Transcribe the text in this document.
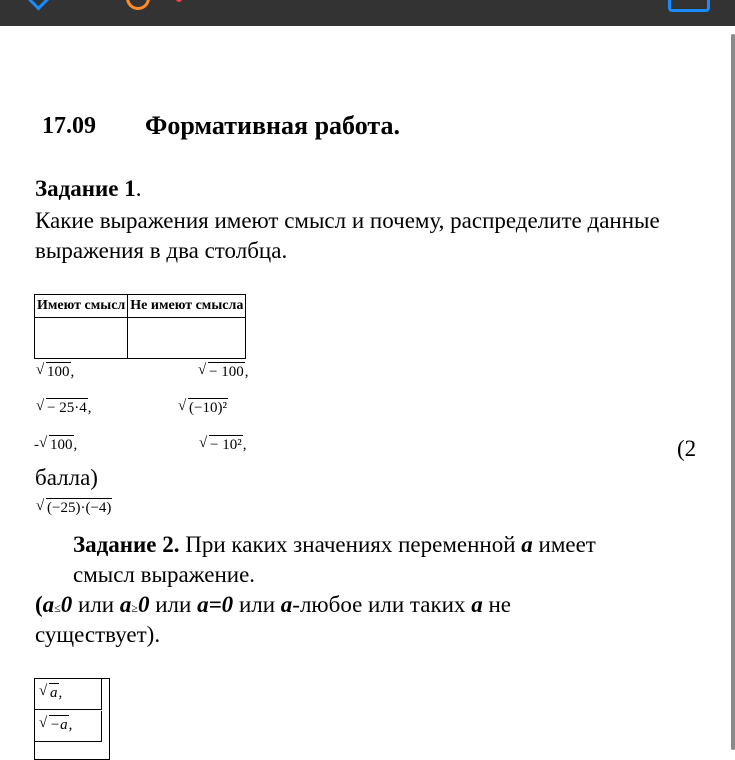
17.09 Формативная работа.
Задание 1.
Какие выражения имеют смысл и почему, распределите данные выражения в два столбца.
Имеют смысл	Не имеют смысла

√ 100,	√ − 100,
√ − 25·4,	√ (−10)²
- √ 100,	√ − 10²,
√ (−25)·(−4)
(2
балла)
Задание 2. При каких значениях переменной a имеет
смысл выражение.
(a≤0 или a≥0 или a=0 или a-любое или таких a не
существует).
√ a,
√ −a,
